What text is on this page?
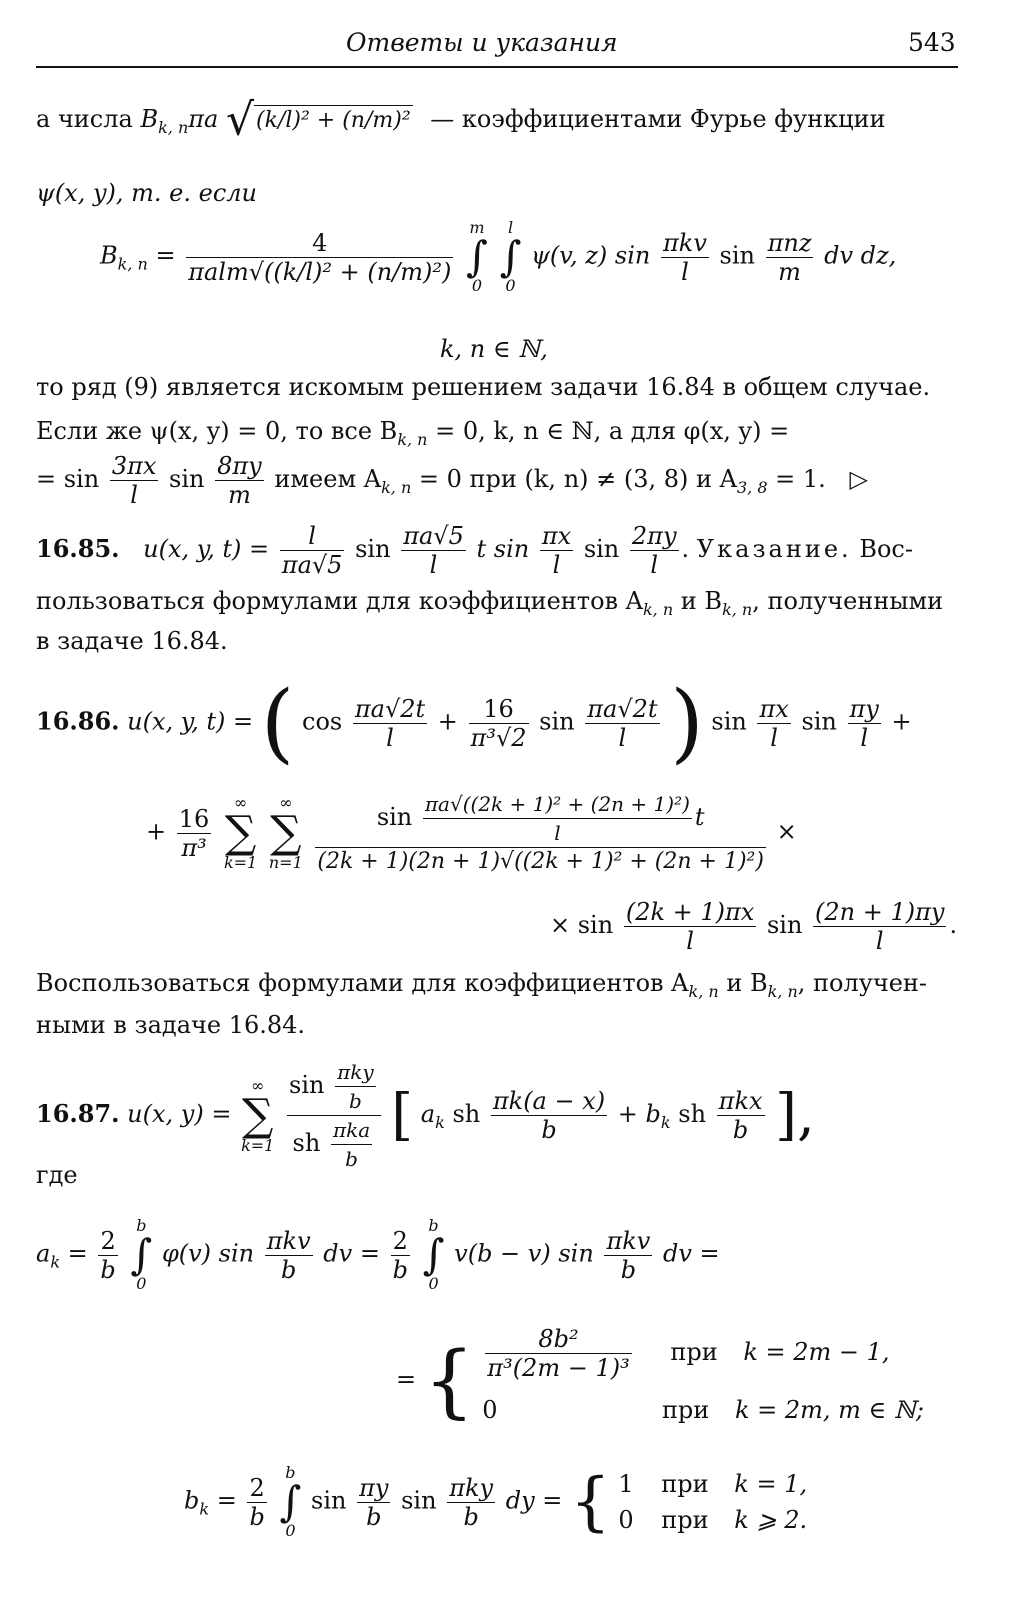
Ответы и указания	543
а числа $B_{k, n}\pi a$ √(k/l)² + (n/m)² — коэффициентами Фурье функции
ψ(x, y), т. е. если
$B_{k, n} = \frac{4}{\text{πalm√((k/l)² + (n/m)²)}}$

m
∫
0

l
∫
0
ψ(v, z) $\sin \frac{\text{πkv}}{l}$ $\sin \frac{\text{πnz}}{m}$ dv dz,
k, n ∈ ℕ,
то ряд (9) является искомым решением задачи 16.84 в общем случае.
Если же ψ(x, y) = 0, то все $B_{k, n} = 0$, k, n ∈ ℕ, а для φ(x, y) =
= $\sin \frac{3\pi x}{l}$ $\sin \frac{8\pi y}{m}$ имеем $A_{k, n} = 0$ при (k, n) ≠ (3, 8) и $A_{3, 8} = 1$. ▷
16.85. u(x, y, $t) = \frac{l}{\pi a√5}$ $\sin \frac{\pi a√5}{l}$ t $\sin \frac{\pi x}{l}$ $\sin \frac{2\pi y}{l}$ . Указание. Вос-
пользоваться формулами для коэффициентов $A_{k, n}$ и $B_{k, n}$, полученными
в задаче 16.84.
16.86. u(x, y, t) = ( $\cos \frac{\pi a√2t}{l} + \frac{16}{\text{π³√2}}$ $\sin \frac{\pi a√2t}{l}$ ) $\sin \frac{\pi x}{l}$ $\sin \frac{\pi y}{l}$ +
+ $\frac{16}{\text{π³}}$

∞
∑
k=1

∞
∑
n=1
$\frac{\sin \frac{\text{πa√((2k + 1)² + (2n + 1)²)}}{l} t}{\text{(2k + 1)(2n + 1)√((2k + 1)² + (2n + 1)²)}}$ ×
× $\sin \frac{(2k + 1)\pi x}{l}$ $\sin \frac{(2n + 1)\pi y}{l}$ .
Воспользоваться формулами для коэффициентов $A_{k, n}$ и $B_{k, n}$, получен-
ными в задаче 16.84.
16.87. u(x, y) =
∞
∑
k=1
$\frac{\sin \frac{\text{πky}}{b}}{sh \frac{\text{πka}}{b}}$ [ $a_k$ sh $\frac{\pi k(a - x)}{b} + b_k$ sh $\frac{\text{πkx}}{b}$ ],
где
$a_k = \frac{2}{b}$

b
∫
0
φ(v) $\sin \frac{\text{πkv}}{b}$ dv = $\frac{2}{b}$

b
∫
0
v(b − v) $\sin \frac{\text{πkv}}{b}$ dv =
= { $\frac{\text{8b²}}{\text{π³(2m − 1)³}}$ при k = 2m − 1,
0	при k = 2m, m ∈ ℕ;
$b_k = \frac{2}{b}$

b
∫
0
$\sin \frac{\pi y}{b}$ $\sin \frac{\text{πky}}{b}$ dy = { 1 при k = 1,
0 при k ⩾ 2.
